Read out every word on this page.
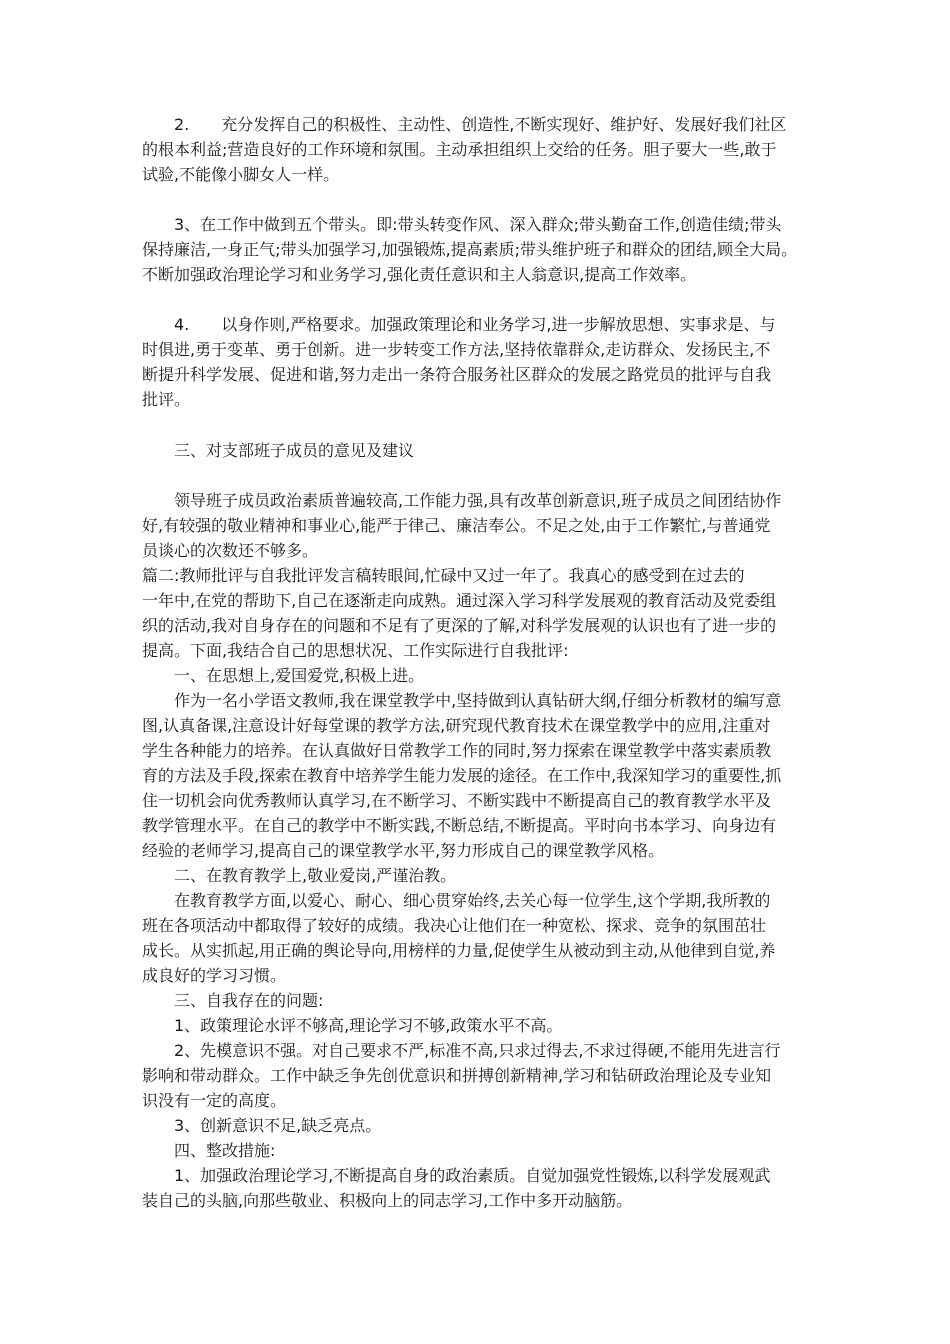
2.　　充分发挥自己的积极性、主动性、创造性,不断实现好、维护好、发展好我们社区
的根本利益;营造良好的工作环境和氛围。主动承担组织上交给的任务。胆子要大一些,敢于
试验,不能像小脚女人一样。
3、在工作中做到五个带头。即:带头转变作风、深入群众;带头勤奋工作,创造佳绩;带头
保持廉洁,一身正气;带头加强学习,加强锻炼,提高素质;带头维护班子和群众的团结,顾全大局。
不断加强政治理论学习和业务学习,强化责任意识和主人翁意识,提高工作效率。
4.　　以身作则,严格要求。加强政策理论和业务学习,进一步解放思想、实事求是、与
时俱进,勇于变革、勇于创新。进一步转变工作方法,坚持依靠群众,走访群众、发扬民主,不
断提升科学发展、促进和谐,努力走出一条符合服务社区群众的发展之路党员的批评与自我
批评。
三、对支部班子成员的意见及建议
领导班子成员政治素质普遍较高,工作能力强,具有改革创新意识,班子成员之间团结协作
好,有较强的敬业精神和事业心,能严于律己、廉洁奉公。不足之处,由于工作繁忙,与普通党
员谈心的次数还不够多。
篇二:教师批评与自我批评发言稿转眼间,忙碌中又过一年了。我真心的感受到在过去的
一年中,在党的帮助下,自己在逐渐走向成熟。通过深入学习科学发展观的教育活动及党委组
织的活动,我对自身存在的问题和不足有了更深的了解,对科学发展观的认识也有了进一步的
提高。下面,我结合自己的思想状况、工作实际进行自我批评:
一、在思想上,爱国爱党,积极上进。
作为一名小学语文教师,我在课堂教学中,坚持做到认真钻研大纲,仔细分析教材的编写意
图,认真备课,注意设计好每堂课的教学方法,研究现代教育技术在课堂教学中的应用,注重对
学生各种能力的培养。在认真做好日常教学工作的同时,努力探索在课堂教学中落实素质教
育的方法及手段,探索在教育中培养学生能力发展的途径。在工作中,我深知学习的重要性,抓
住一切机会向优秀教师认真学习,在不断学习、不断实践中不断提高自己的教育教学水平及
教学管理水平。在自己的教学中不断实践,不断总结,不断提高。平时向书本学习、向身边有
经验的老师学习,提高自己的课堂教学水平,努力形成自己的课堂教学风格。
二、在教育教学上,敬业爱岗,严谨治教。
在教育教学方面,以爱心、耐心、细心贯穿始终,去关心每一位学生,这个学期,我所教的
班在各项活动中都取得了较好的成绩。我决心让他们在一种宽松、探求、竞争的氛围茁壮
成长。从实抓起,用正确的舆论导向,用榜样的力量,促使学生从被动到主动,从他律到自觉,养
成良好的学习习惯。
三、自我存在的问题:
1、政策理论水评不够高,理论学习不够,政策水平不高。
2、先模意识不强。对自己要求不严,标准不高,只求过得去,不求过得硬,不能用先进言行
影响和带动群众。工作中缺乏争先创优意识和拼搏创新精神,学习和钻研政治理论及专业知
识没有一定的高度。
3、创新意识不足,缺乏亮点。
四、整改措施:
1、加强政治理论学习,不断提高自身的政治素质。自觉加强党性锻炼,以科学发展观武
装自己的头脑,向那些敬业、积极向上的同志学习,工作中多开动脑筋。
